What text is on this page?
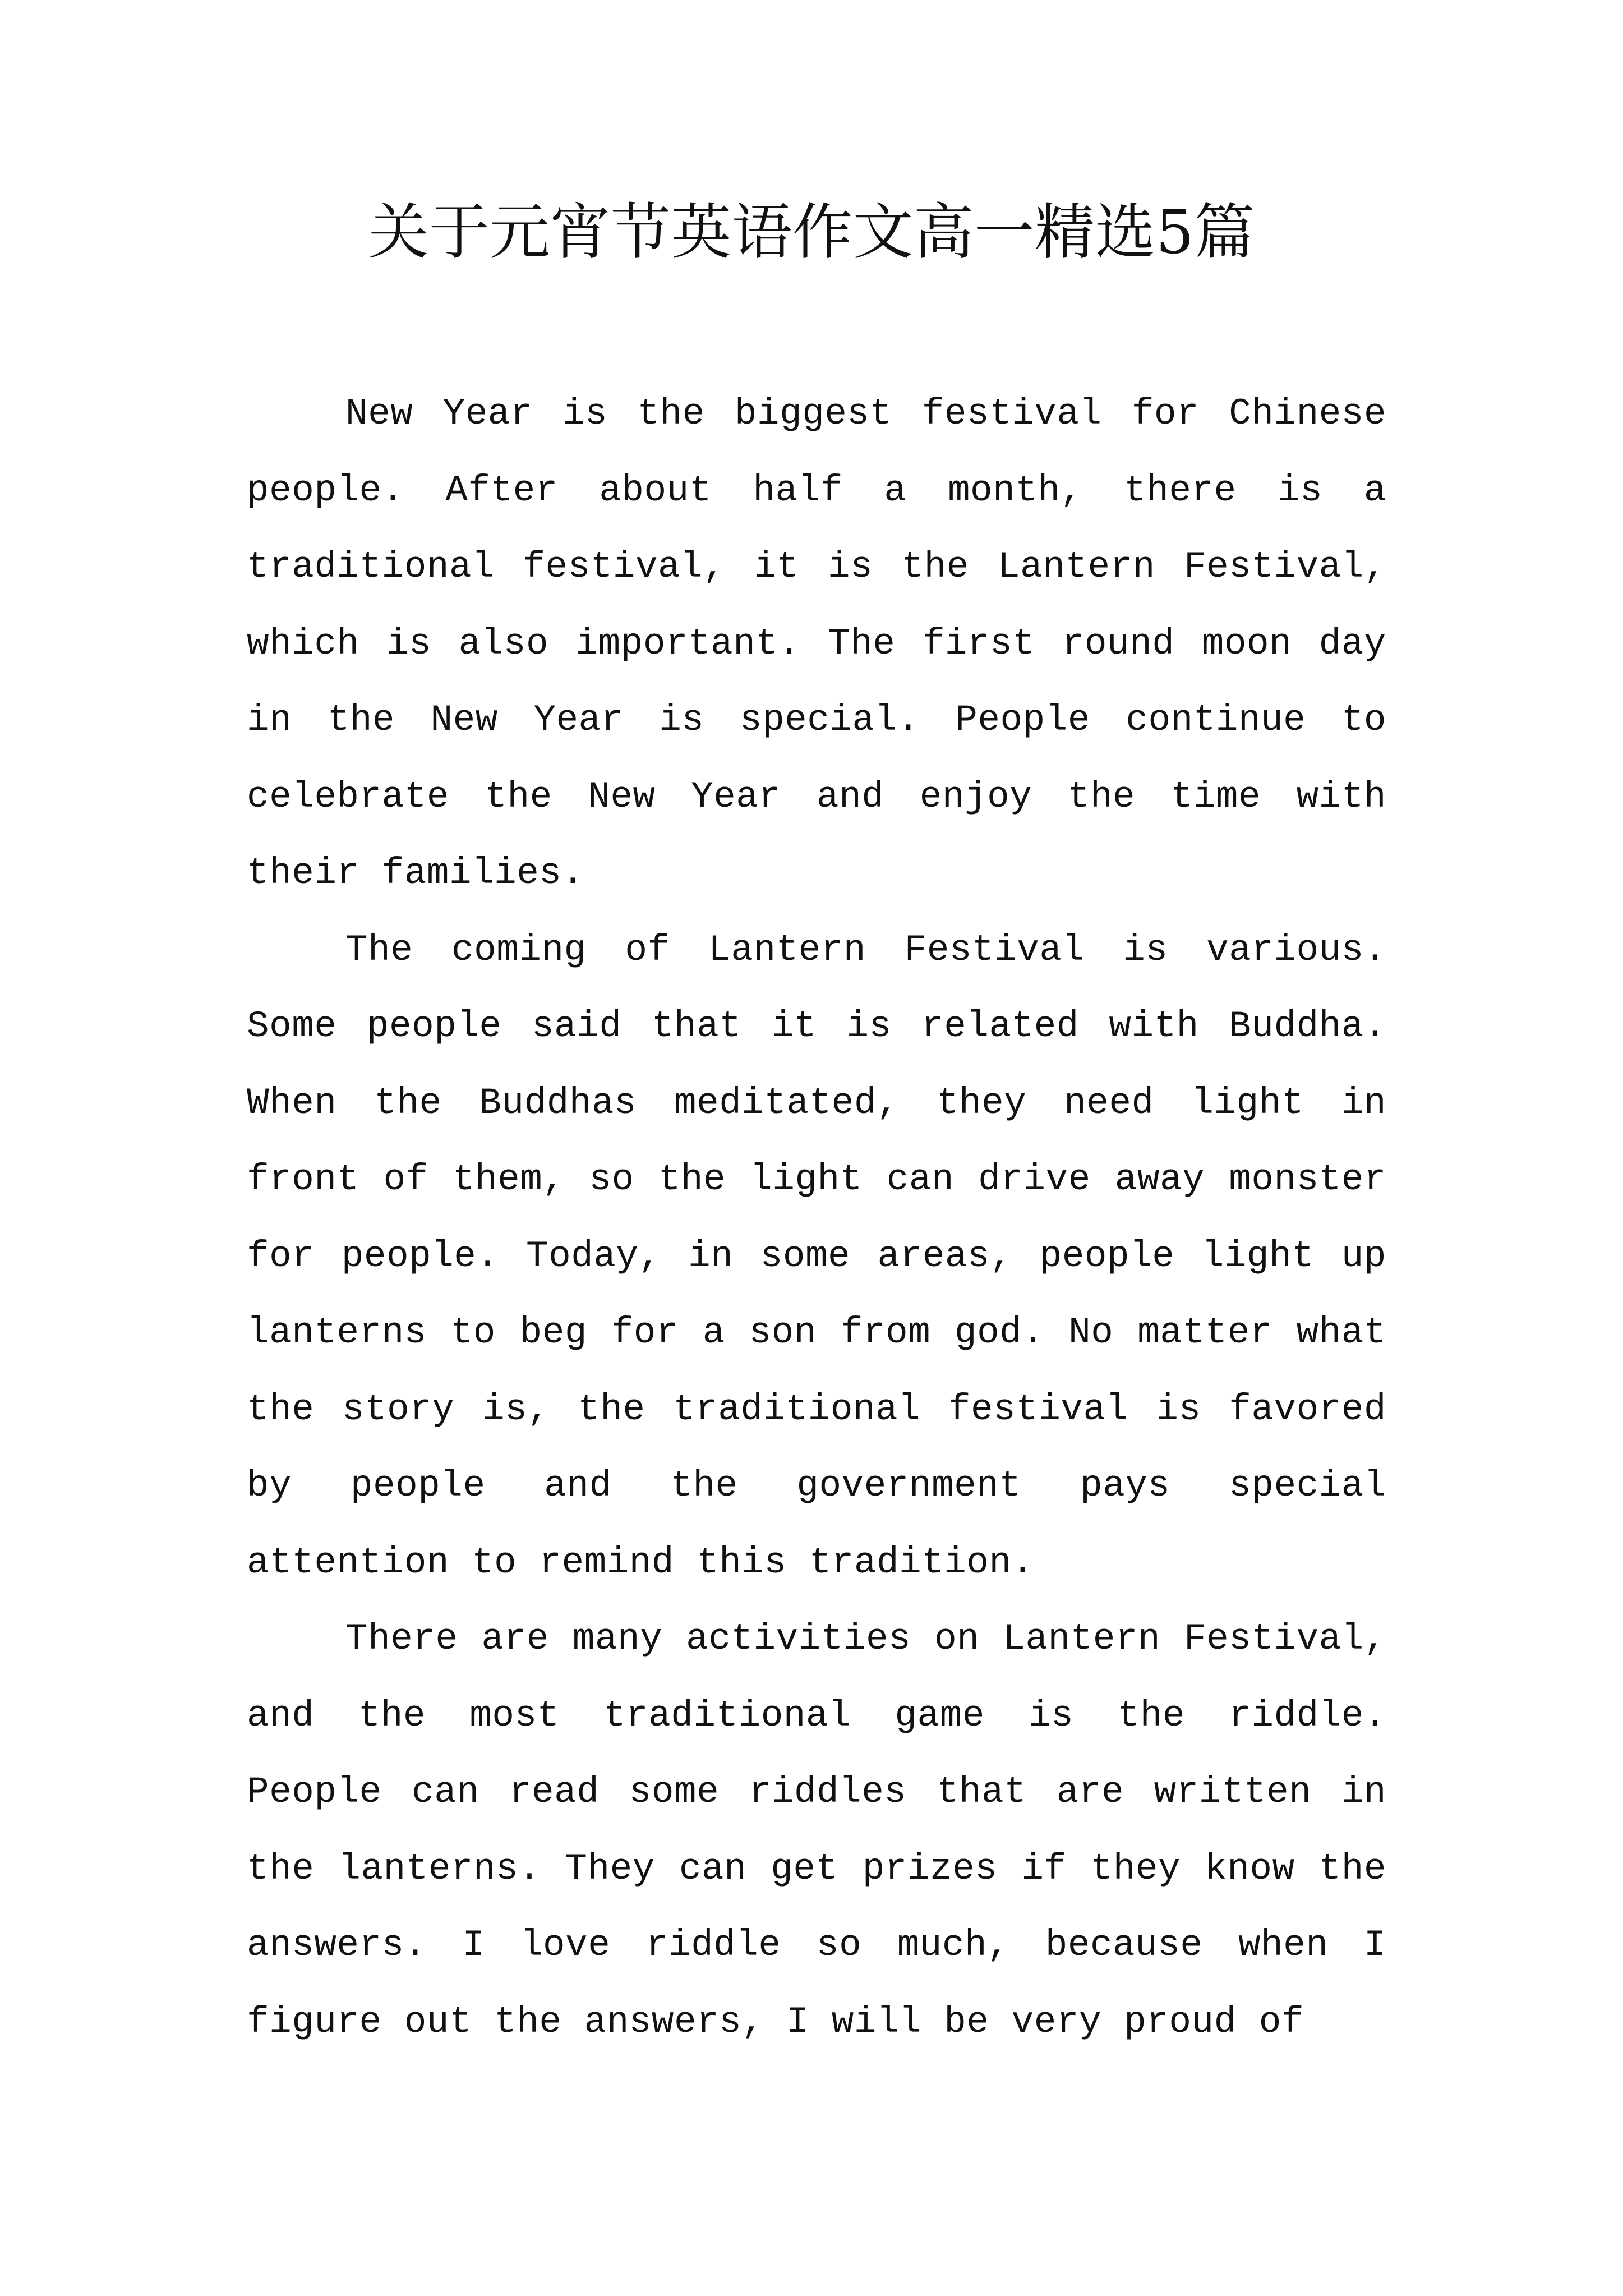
关于元宵节英语作文高一精选5篇

New Year is the biggest festival for Chinese people. After about half a month, there is a traditional festival, it is the Lantern Festival, which is also important. The first round moon day in the New Year is special. People continue to celebrate the New Year and enjoy the time with their families.

The coming of Lantern Festival is various. Some people said that it is related with Buddha. When the Buddhas meditated, they need light in front of them, so the light can drive away monster for people. Today, in some areas, people light up lanterns to beg for a son from god. No matter what the story is, the traditional festival is favored by people and the government pays special attention to remind this tradition.

There are many activities on Lantern Festival, and the most traditional game is the riddle. People can read some riddles that are written in the lanterns. They can get prizes if they know the answers. I love riddle so much, because when I figure out the answers, I will be very proud of
